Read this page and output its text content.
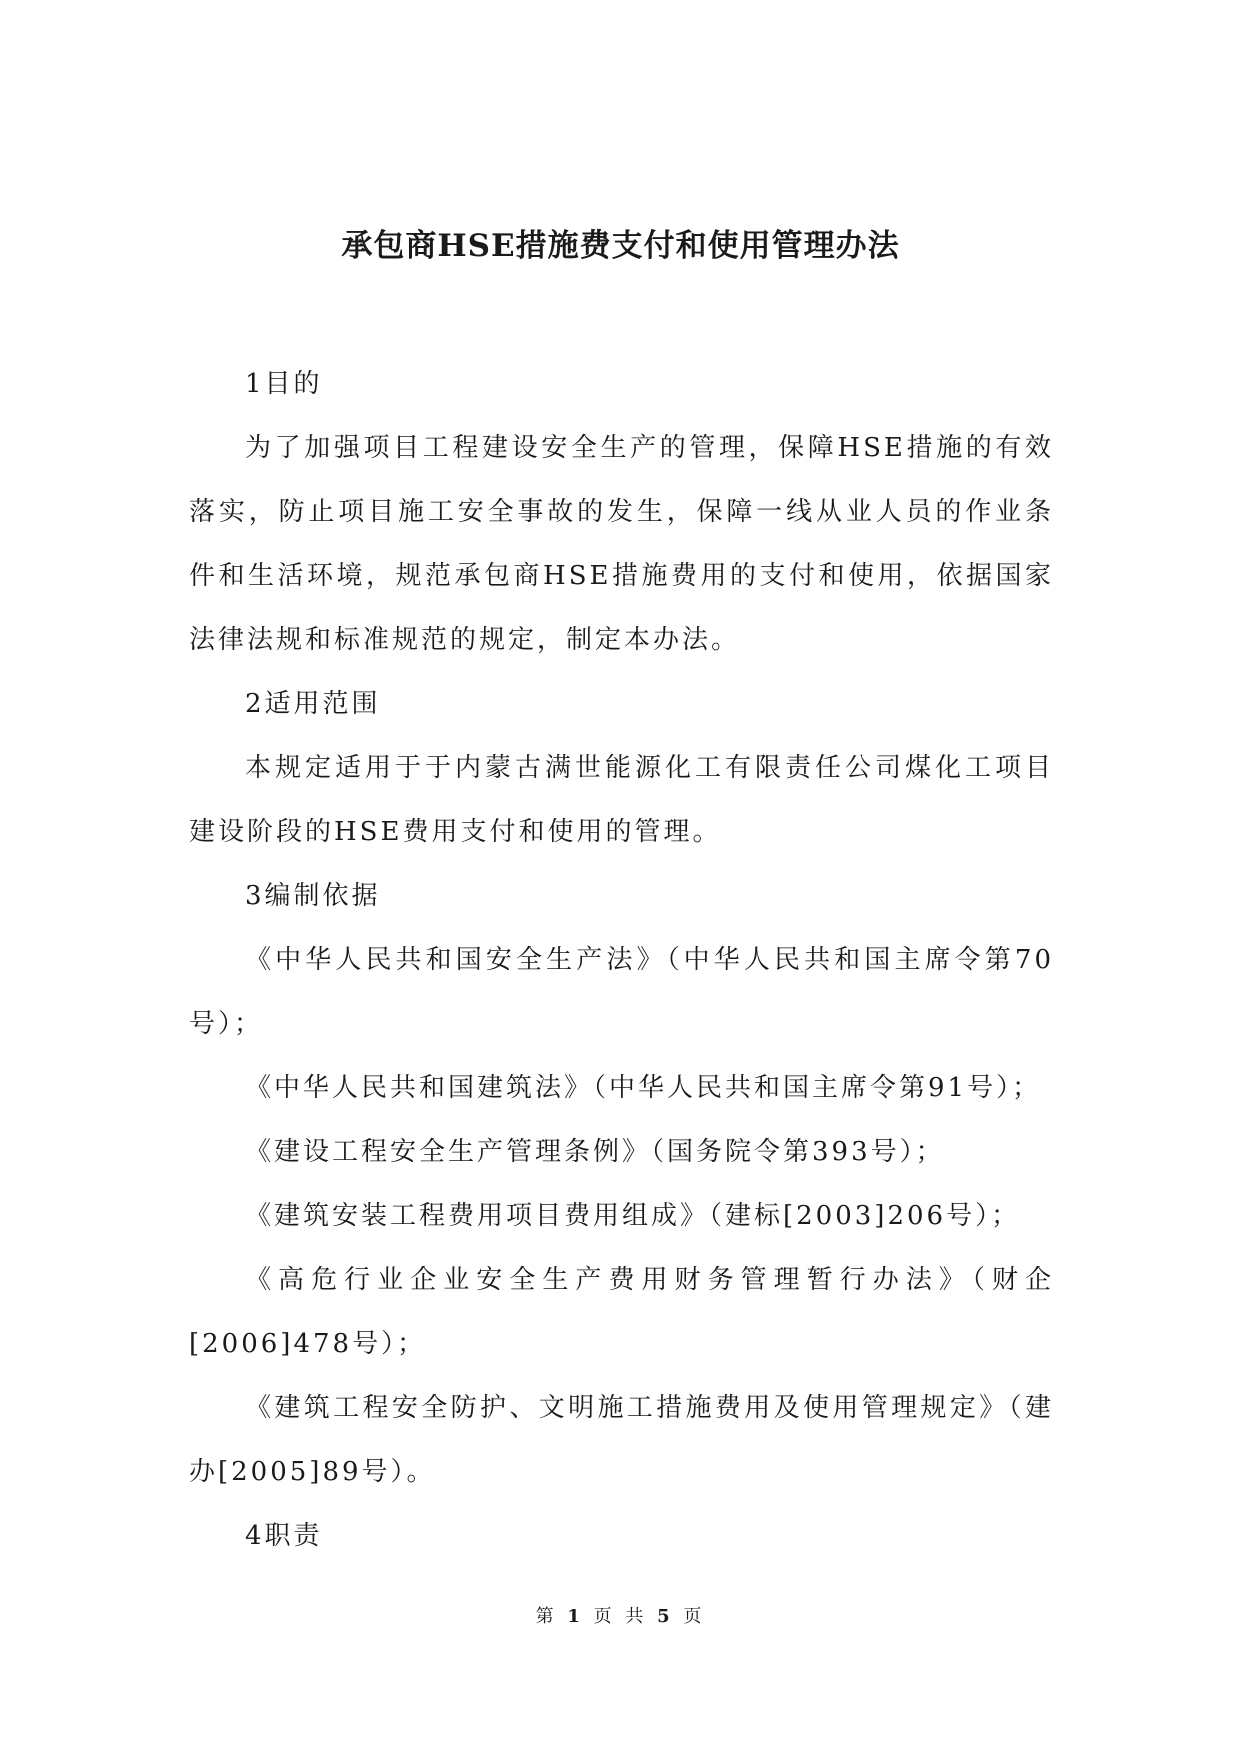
承包商HSE措施费支付和使用管理办法

1目的

为了加强项目工程建设安全生产的管理，保障HSE措施的有效落实，防止项目施工安全事故的发生，保障一线从业人员的作业条件和生活环境，规范承包商HSE措施费用的支付和使用，依据国家法律法规和标准规范的规定，制定本办法。

2适用范围

本规定适用于于内蒙古满世能源化工有限责任公司煤化工项目建设阶段的HSE费用支付和使用的管理。

3编制依据

《中华人民共和国安全生产法》（中华人民共和国主席令第70号）；

《中华人民共和国建筑法》（中华人民共和国主席令第91号）；

《建设工程安全生产管理条例》（国务院令第393号）；

《建筑安装工程费用项目费用组成》（建标[2003]206号）；

《高危行业企业安全生产费用财务管理暂行办法》（财企[2006]478号）；

《建筑工程安全防护、文明施工措施费用及使用管理规定》（建办[2005]89号）。

4职责

第 1 页 共 5 页
